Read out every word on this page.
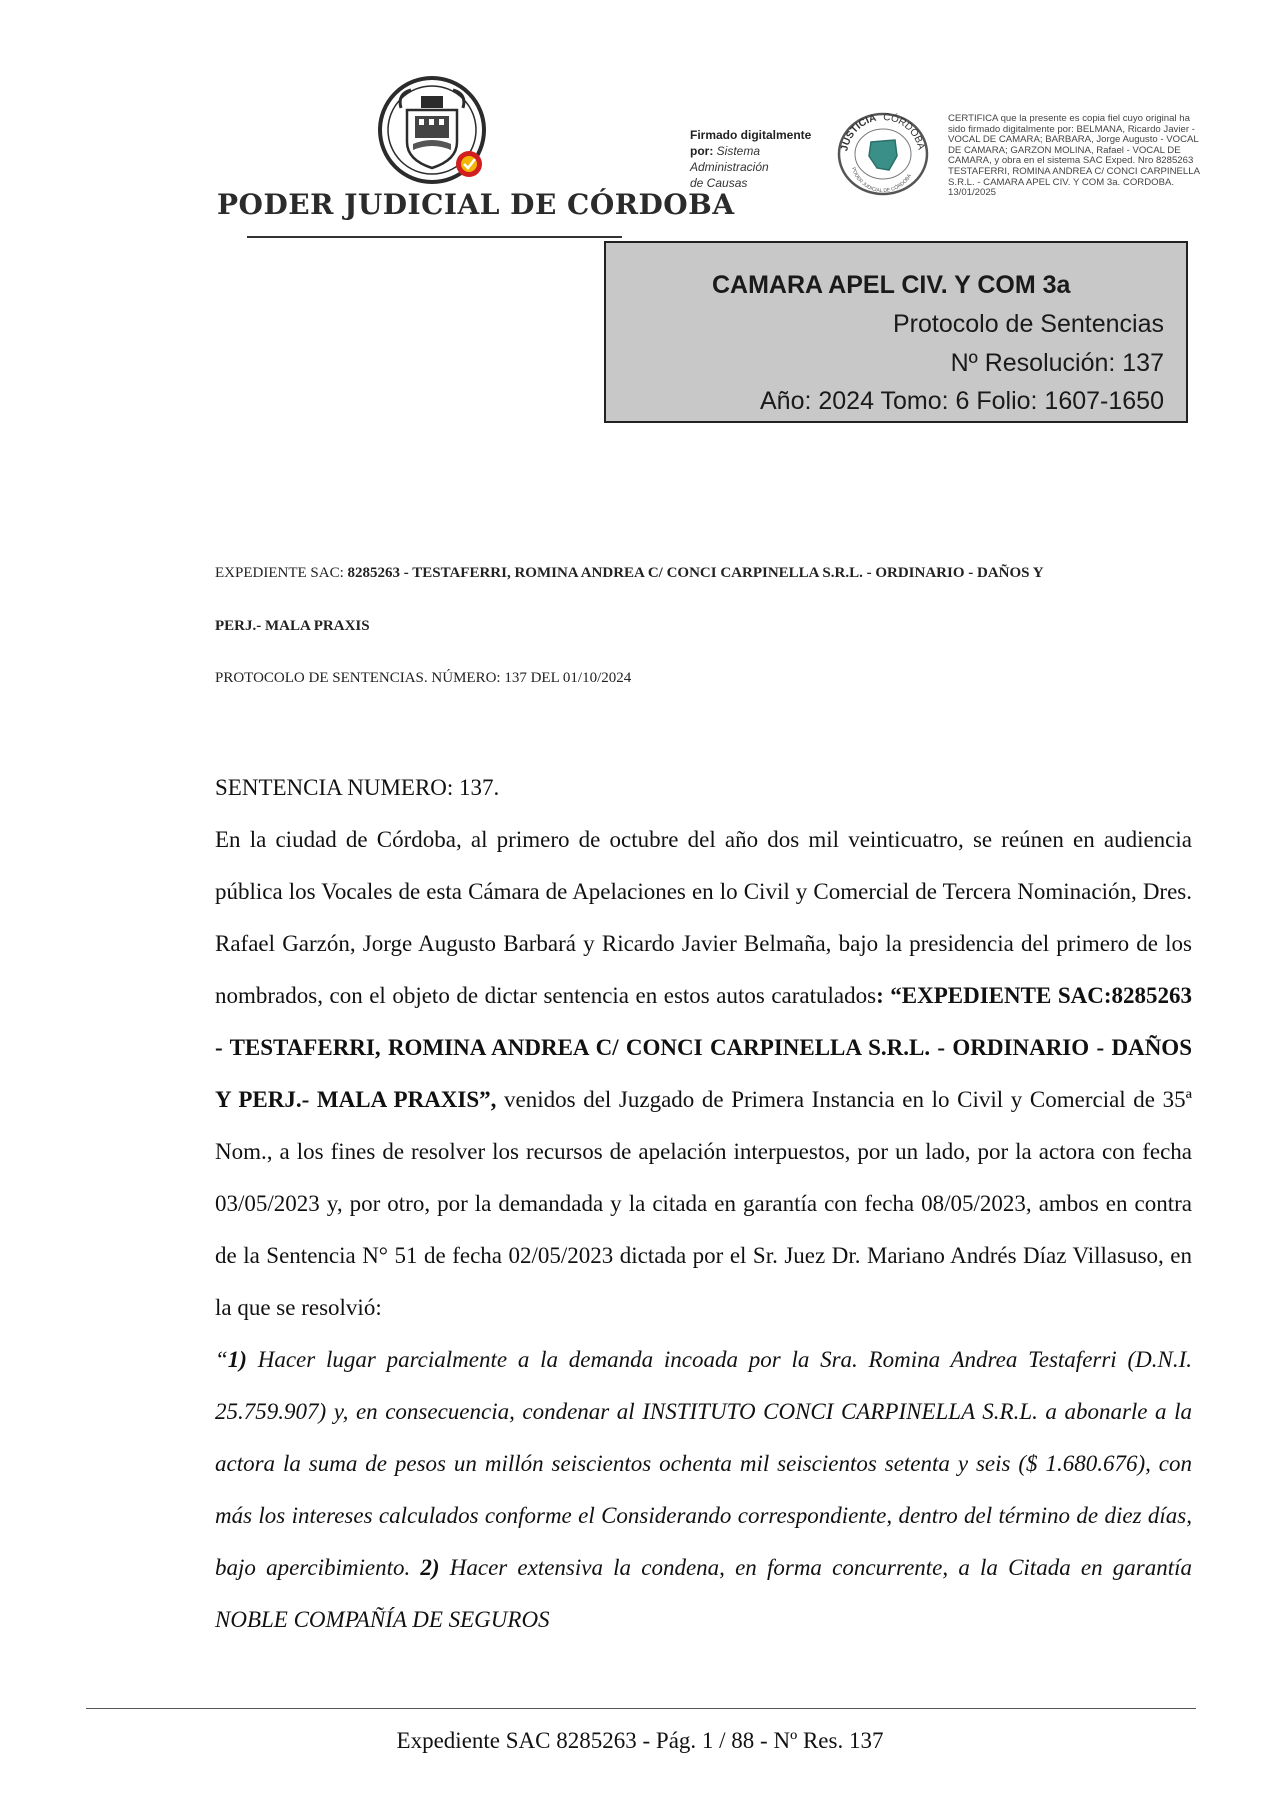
PODER JUDICIAL DE CÓRDOBA
Firmado digitalmente
por: Sistema
Administración
de Causas
JUSTICIA CÓRDOBA
PODER JUDICIAL DE CÓRDOBA
CERTIFICA que la presente es copia fiel cuyo original ha sido firmado digitalmente por: BELMANA, Ricardo Javier - VOCAL DE CAMARA; BARBARA, Jorge Augusto - VOCAL DE CAMARA; GARZON MOLINA, Rafael - VOCAL DE CAMARA, y obra en el sistema SAC Exped. Nro 8285263 TESTAFERRI, ROMINA ANDREA C/ CONCI CARPINELLA S.R.L. - CAMARA APEL CIV. Y COM 3a. CORDOBA. 13/01/2025
CAMARA APEL CIV. Y COM 3a
Protocolo de Sentencias
Nº Resolución: 137
Año: 2024 Tomo: 6 Folio: 1607-1650
EXPEDIENTE SAC: 8285263 - TESTAFERRI, ROMINA ANDREA C/ CONCI CARPINELLA S.R.L. - ORDINARIO - DAÑOS Y
PERJ.- MALA PRAXIS
PROTOCOLO DE SENTENCIAS. NÚMERO: 137 DEL 01/10/2024

SENTENCIA NUMERO: 137.

En la ciudad de Córdoba, al primero de octubre del año dos mil veinticuatro, se reúnen en audiencia pública los Vocales de esta Cámara de Apelaciones en lo Civil y Comercial de Tercera Nominación, Dres. Rafael Garzón, Jorge Augusto Barbará y Ricardo Javier Belmaña, bajo la presidencia del primero de los nombrados, con el objeto de dictar sentencia en estos autos caratulados: “EXPEDIENTE SAC:8285263 - TESTAFERRI, ROMINA ANDREA C/ CONCI CARPINELLA S.R.L. - ORDINARIO - DAÑOS Y PERJ.- MALA PRAXIS”, venidos del Juzgado de Primera Instancia en lo Civil y Comercial de 35ª Nom., a los fines de resolver los recursos de apelación interpuestos, por un lado, por la actora con fecha 03/05/2023 y, por otro, por la demandada y la citada en garantía con fecha 08/05/2023, ambos en contra de la Sentencia N° 51 de fecha 02/05/2023 dictada por el Sr. Juez Dr. Mariano Andrés Díaz Villasuso, en la que se resolvió:

“1) Hacer lugar parcialmente a la demanda incoada por la Sra. Romina Andrea Testaferri (D.N.I. 25.759.907) y, en consecuencia, condenar al INSTITUTO CONCI CARPINELLA S.R.L. a abonarle a la actora la suma de pesos un millón seiscientos ochenta mil seiscientos setenta y seis ($ 1.680.676), con más los intereses calculados conforme el Considerando correspondiente, dentro del término de diez días, bajo apercibimiento. 2) Hacer extensiva la condena, en forma concurrente, a la Citada en garantía NOBLE COMPAÑÍA DE SEGUROS

Expediente SAC 8285263 - Pág. 1 / 88 - Nº Res. 137
